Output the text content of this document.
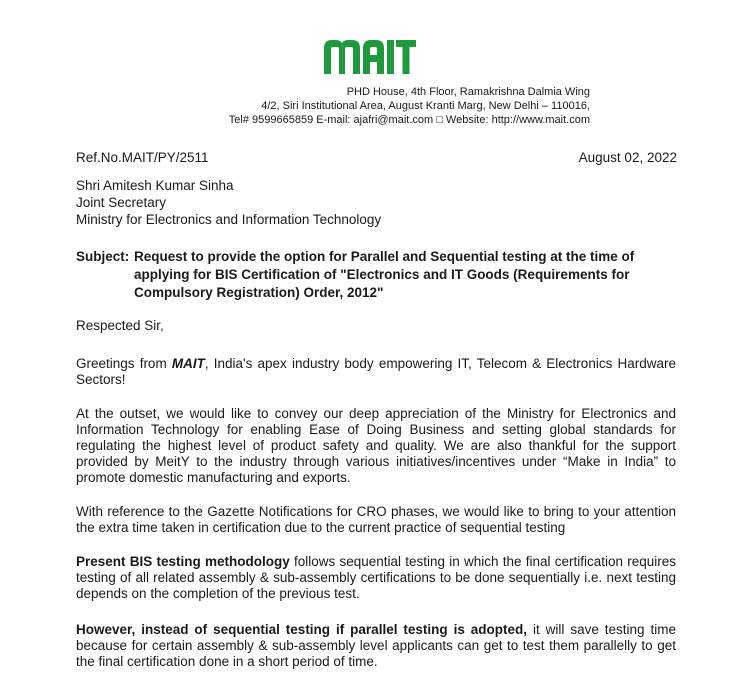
PHD House, 4th Floor, Ramakrishna Dalmia Wing
4/2, Siri Institutional Area, August Kranti Marg, New Delhi – 110016,
Tel# 9599665859 E-mail: ajafri@mait.com □ Website: http://www.mait.com
Ref.No.MAIT/PY/2511	August 02, 2022
Shri Amitesh Kumar Sinha
Joint Secretary
Ministry for Electronics and Information Technology
Subject: Request to provide the option for Parallel and Sequential testing at the time of
applying for BIS Certification of "Electronics and IT Goods (Requirements for
Compulsory Registration) Order, 2012"
Respected Sir,
Greetings from MAIT, India's apex industry body empowering IT, Telecom & Electronics Hardware Sectors!
At the outset, we would like to convey our deep appreciation of the Ministry for Electronics and Information Technology for enabling Ease of Doing Business and setting global standards for regulating the highest level of product safety and quality. We are also thankful for the support provided by MeitY to the industry through various initiatives/incentives under “Make in India” to promote domestic manufacturing and exports.
With reference to the Gazette Notifications for CRO phases, we would like to bring to your attention the extra time taken in certification due to the current practice of sequential testing
Present BIS testing methodology follows sequential testing in which the final certification requires testing of all related assembly & sub-assembly certifications to be done sequentially i.e. next testing depends on the completion of the previous test.
However, instead of sequential testing if parallel testing is adopted, it will save testing time because for certain assembly & sub-assembly level applicants can get to test them parallelly to get the final certification done in a short period of time.
